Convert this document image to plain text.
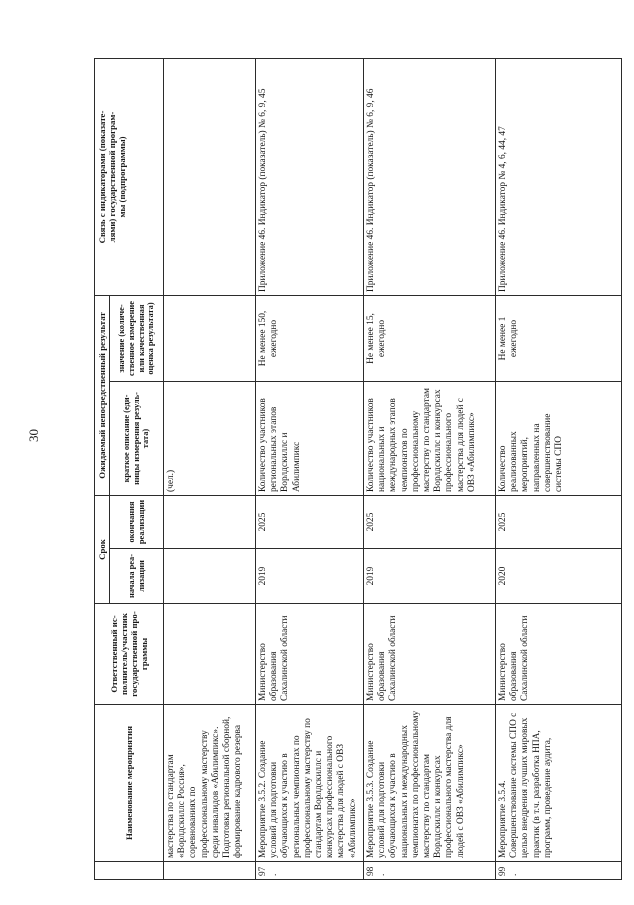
30
	Наименование мероприятия	Ответственный ис-
полнитель/участник
государственной про-
граммы	Срок		Ожидаемый непосредственный результат		Связь с индикаторами (показате-
лями) государственной програм-
мы (подпрограммы)
			начала реа-
лизации	окончания
реализации	краткое описание (еди-
ницы измерения резуль-
тата)	значение (количе-
ственное измерение
или качественная
оценка результата)	
	мастерства по стандартам «Ворлдскиллс Россия», соревнованиях по профессиональному мастерству среди инвалидов «Абилимпикс». Подготовка региональной сборной, формирование кадрового резерва				(чел.)		
97.	Мероприятие 3.5.2. Создание условий для подготовки обучающихся к участию в региональных чемпионатах по профессиональному мастерству по стандартам Ворлдскиллс и конкурсах профессионального мастерства для людей с ОВЗ «Абилимпикс»	Министерство образования Сахалинской области	2019	2025	Количество участников региональных этапов Ворлдскиллс и Абилимпикс	Не менее 150, ежегодно	Приложение 46. Индикатор (показатель) № 6, 9, 45
98.	Мероприятие 3.5.3. Создание условий для подготовки обучающихся к участию в национальных и международных чемпионатах по профессиональному мастерству по стандартам Ворлдскиллс и конкурсах профессионального мастерства для людей с ОВЗ «Абилимпикс»	Министерство образования Сахалинской области	2019	2025	Количество участников национальных и международных этапов чемпионатов по профессиональному мастерству по стандартам Ворлдскиллс и конкурсах профессионального мастерства для людей с ОВЗ «Абилимпикс»	Не менее 15, ежегодно	Приложение 46. Индикатор (показатель) № 6, 9, 46
99.	Мероприятие 3.5.4. Совершенствование системы СПО с целью внедрения лучших мировых практик (в т.ч. разработка НПА, программ, проведение аудита,	Министерство образования Сахалинской области	2020	2025	Количество реализованных мероприятий, направленных на совершенствование системы СПО	Не менее 1 ежегодно	Приложение 46. Индикатор № 4, 6, 44, 47
